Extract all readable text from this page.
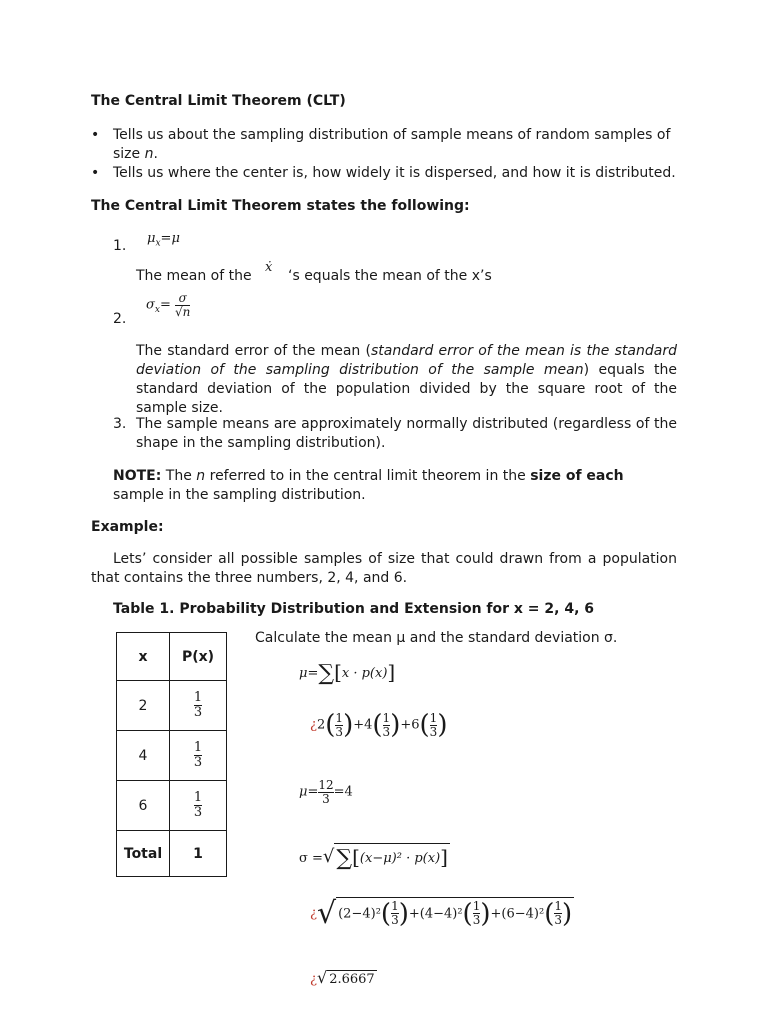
The Central Limit Theorem (CLT)
• Tells us about the sampling distribution of sample means of random samples of size n.
• Tells us where the center is, how widely it is dispersed, and how it is distributed.
The Central Limit Theorem states the following:
1. $\mu_x=\mu$
The mean of the
ẋ
‘s equals the mean of the x’s
2.
$\sigma_x= \frac{\sigma}{√n}$
The standard error of the mean (standard error of the mean is the standard deviation of the sampling distribution of the sample mean) equals the standard deviation of the population divided by the square root of the sample size.
3. The sample means are approximately normally distributed (regardless of the shape in the sampling distribution).
NOTE: The n referred to in the central limit theorem in the size of each sample in the sampling distribution.
Example:
Lets’ consider all possible samples of size that could drawn from a population that contains the three numbers, 2, 4, and 6.
Table 1. Probability Distribution and Extension for x = 2, 4, 6
x	P(x)
2	$\frac{1}{3}$

4	$\frac{1}{3}$

6	$\frac{1}{3}$

Total	1
Calculate the mean μ and the standard deviation σ.
μ=∑[x · p(x)]
¿$2( \frac{1}{3} )+4( \frac{1}{3} )+6( \frac{1}{3}$ )
$\mu= \frac{12}{3} =4$
σ =√∑[(x−μ)² · p(x)]
¿√ $(2-4)^2( \frac{1}{3} )+(4-4)^2( \frac{1}{3} )+(6-4)^2( \frac{1}{3}$ )
¿√ 2.6667
